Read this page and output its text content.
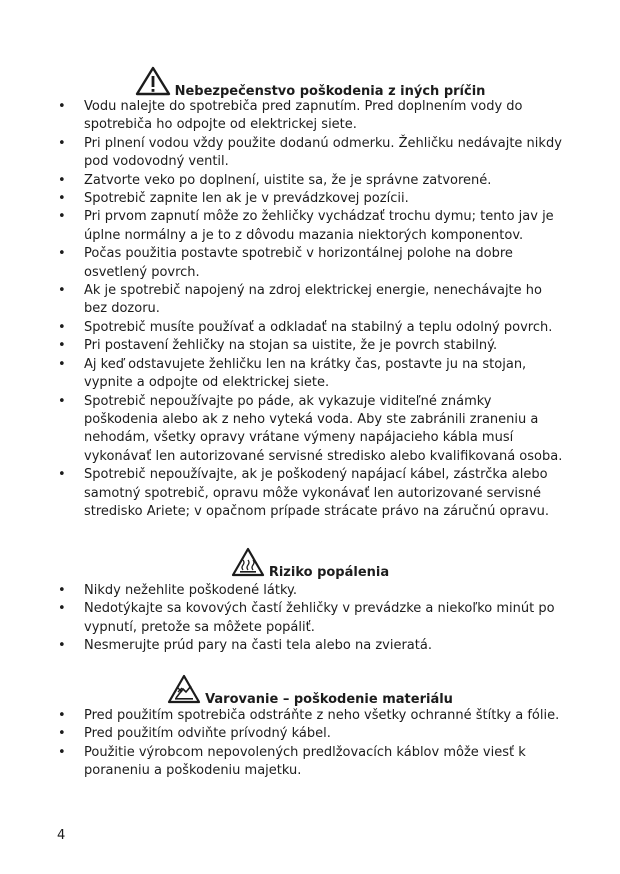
Nebezpečenstvo poškodenia z iných príčin
• Vodu nalejte do spotrebiča pred zapnutím. Pred doplnením vody do spotrebiča ho odpojte od elektrickej siete.
• Pri plnení vodou vždy použite dodanú odmerku. Žehličku nedávajte nikdy pod vodovodný ventil.
• Zatvorte veko po doplnení, uistite sa, že je správne zatvorené.
• Spotrebič zapnite len ak je v prevádzkovej pozícii.
• Pri prvom zapnutí môže zo žehličky vychádzať trochu dymu; tento jav je úplne normálny a je to z dôvodu mazania niektorých komponentov.
• Počas použitia postavte spotrebič v horizontálnej polohe na dobre osvetlený povrch.
• Ak je spotrebič napojený na zdroj elektrickej energie, nenechávajte ho bez dozoru.
• Spotrebič musíte používať a odkladať na stabilný a teplu odolný povrch.
• Pri postavení žehličky na stojan sa uistite, že je povrch stabilný.
• Aj keď odstavujete žehličku len na krátky čas, postavte ju na stojan, vypnite a odpojte od elektrickej siete.
• Spotrebič nepoužívajte po páde, ak vykazuje viditeľné známky poškodenia alebo ak z neho vyteká voda. Aby ste zabránili zraneniu a nehodám, všetky opravy vrátane výmeny napájacieho kábla musí vykonávať len autorizované servisné stredisko alebo kvalifikovaná osoba.
• Spotrebič nepoužívajte, ak je poškodený napájací kábel, zástrčka alebo samotný spotrebič, opravu môže vykonávať len autorizované servisné stredisko Ariete; v opačnom prípade strácate právo na záručnú opravu.
Riziko popálenia
• Nikdy nežehlite poškodené látky.
• Nedotýkajte sa kovových častí žehličky v prevádzke a niekoľko minút po vypnutí, pretože sa môžete popáliť.
• Nesmerujte prúd pary na časti tela alebo na zvieratá.
Varovanie – poškodenie materiálu
• Pred použitím spotrebiča odstráňte z neho všetky ochranné štítky a fólie.
• Pred použitím odviňte prívodný kábel.
• Použitie výrobcom nepovolených predlžovacích káblov môže viesť k poraneniu a poškodeniu majetku.
4
